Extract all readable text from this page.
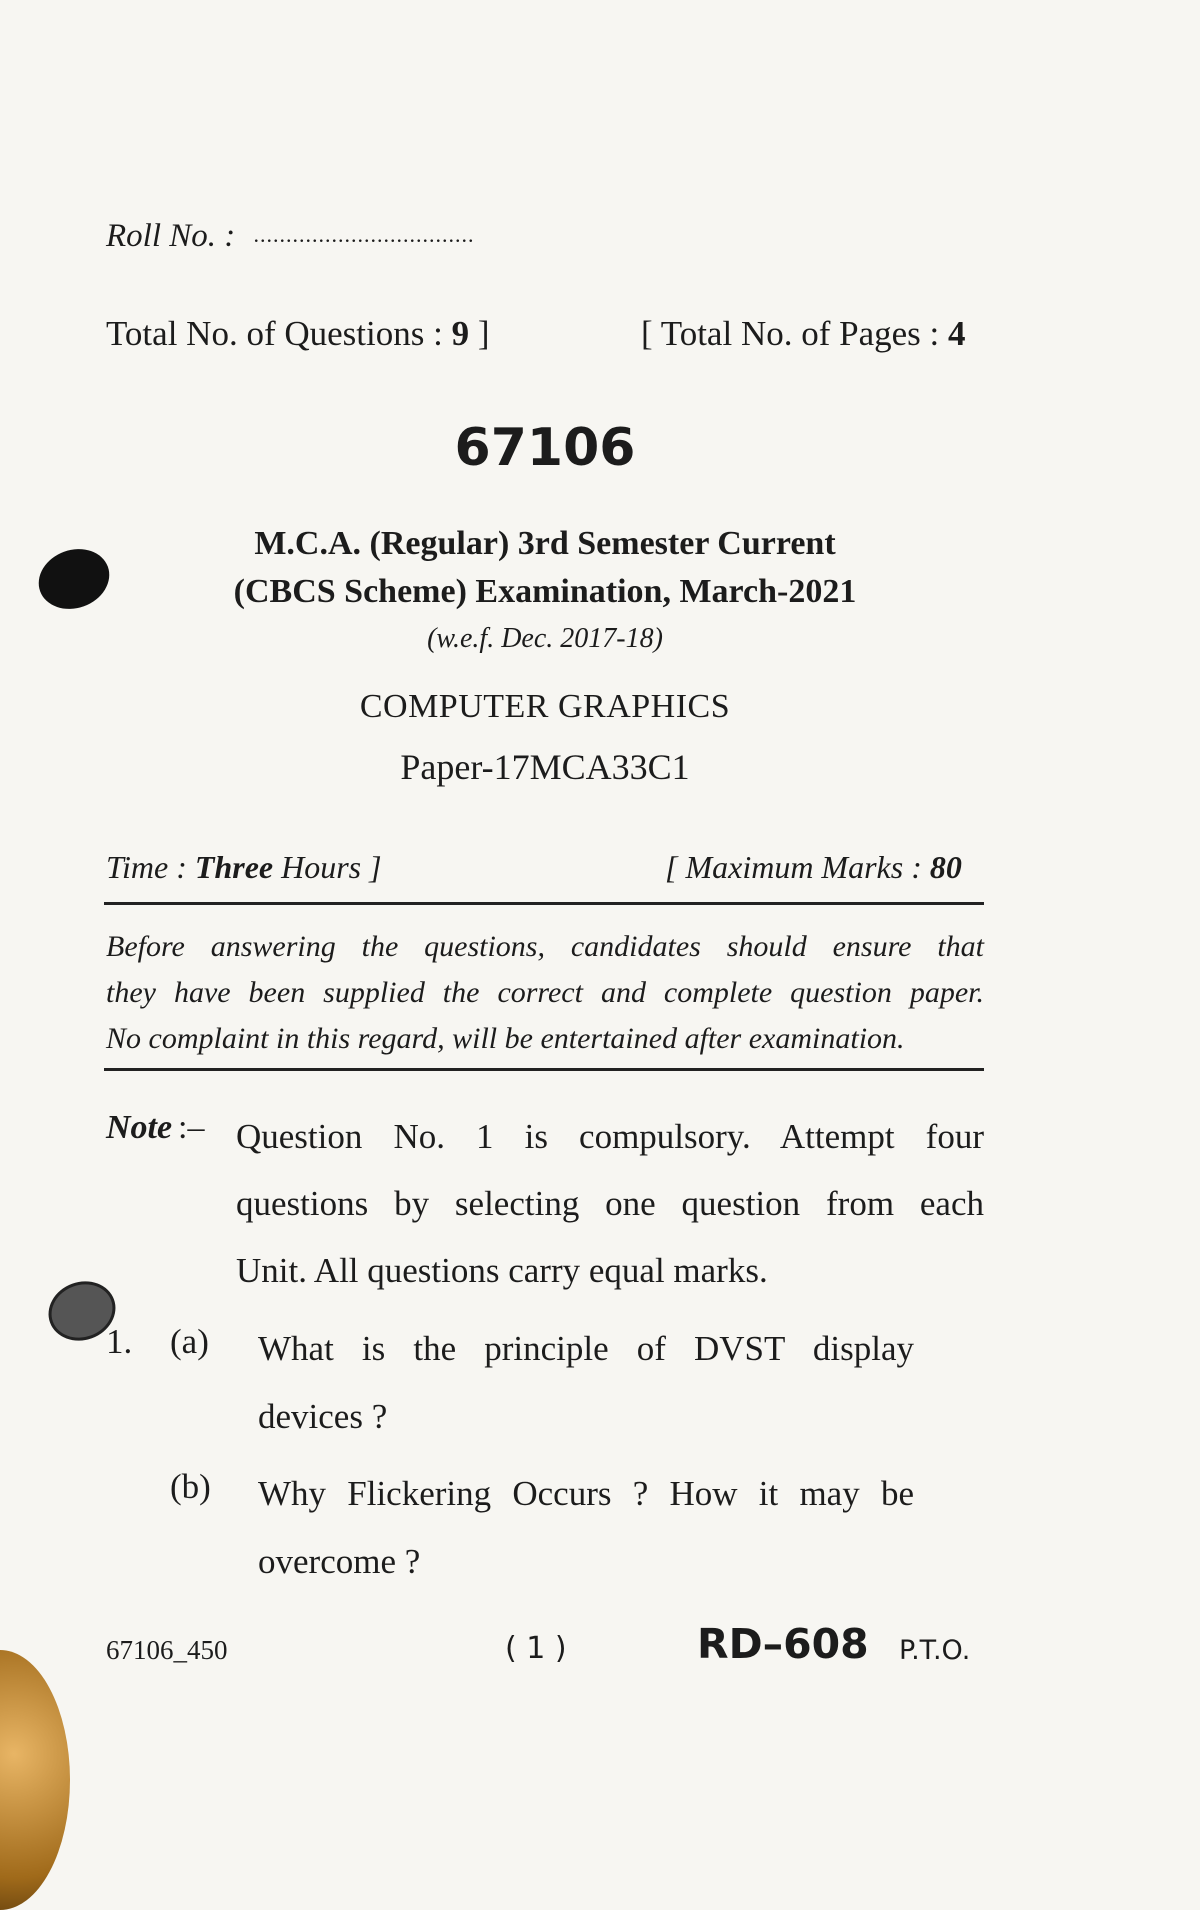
Roll No. : ..................................
Total No. of Questions : 9 ]	[ Total No. of Pages : 4
67106
M.C.A. (Regular) 3rd Semester Current
(CBCS Scheme) Examination, March-2021
(w.e.f. Dec. 2017-18)
COMPUTER GRAPHICS
Paper-17MCA33C1
Time : Three Hours ]	[ Maximum Marks : 80
Before answering the questions, candidates should ensure that
they have been supplied the correct and complete question paper.
No complaint in this regard, will be entertained after examination.
Note :– Question No. 1 is compulsory. Attempt four
questions by selecting one question from each
Unit. All questions carry equal marks.
1. (a) What is the principle of DVST display
devices ?
(b) Why Flickering Occurs ? How it may be
overcome ?
67106_450	( 1 )	RD–608 P.T.O.
